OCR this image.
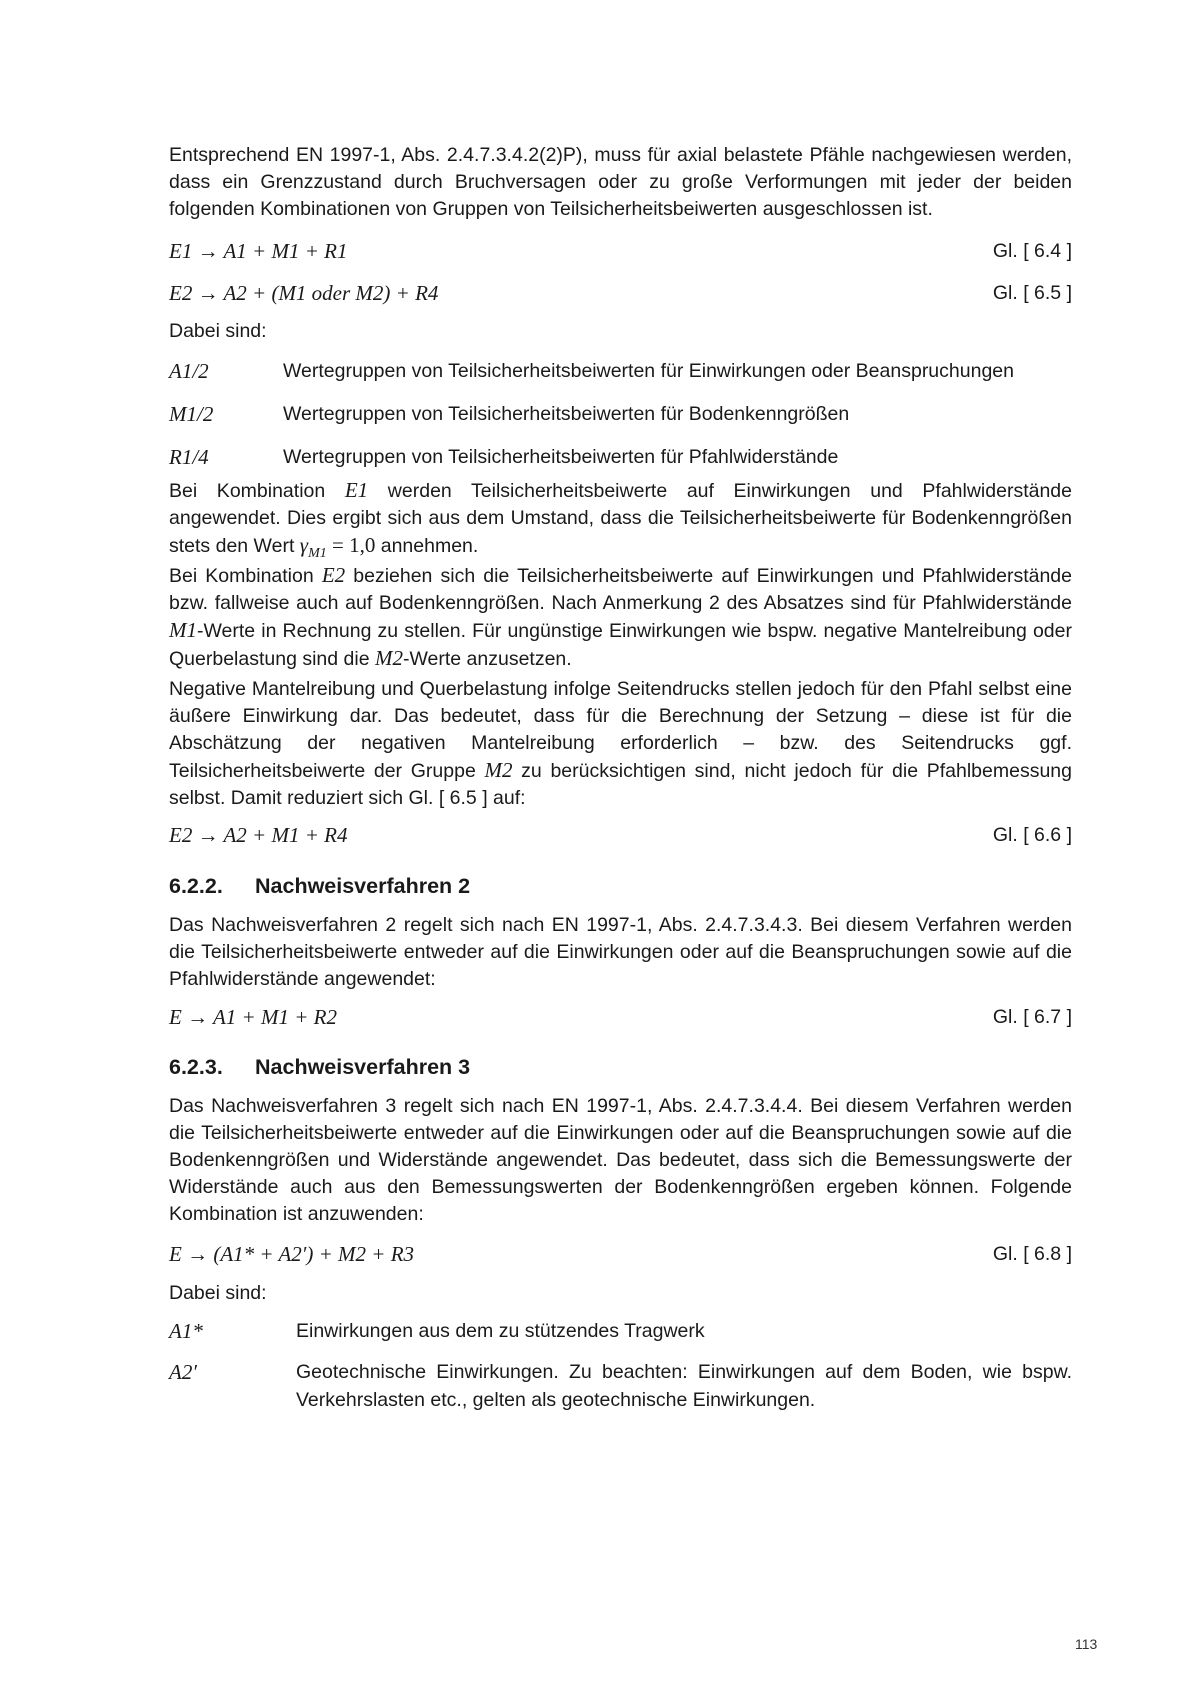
Entsprechend EN 1997-1, Abs. 2.4.7.3.4.2(2)P), muss für axial belastete Pfähle nachgewiesen werden, dass ein Grenzzustand durch Bruchversagen oder zu große Verformungen mit jeder der beiden folgenden Kombinationen von Gruppen von Teilsicherheitsbeiwerten ausgeschlossen ist.
E1 → A1 + M1 + R1	Gl. [ 6.4 ]
E2 → A2 + (M1 oder M2) + R4	Gl. [ 6.5 ]
Dabei sind:
A1/2	Wertegruppen von Teilsicherheitsbeiwerten für Einwirkungen oder Beanspruchungen
M1/2	Wertegruppen von Teilsicherheitsbeiwerten für Bodenkenngrößen
R1/4	Wertegruppen von Teilsicherheitsbeiwerten für Pfahlwiderstände
Bei Kombination E1 werden Teilsicherheitsbeiwerte auf Einwirkungen und Pfahlwiderstände angewendet. Dies ergibt sich aus dem Umstand, dass die Teilsicherheitsbeiwerte für Bodenkenngrößen stets den Wert $\gamma_{M1} = 1,0$ annehmen.
Bei Kombination E2 beziehen sich die Teilsicherheitsbeiwerte auf Einwirkungen und Pfahlwiderstände bzw. fallweise auch auf Bodenkenngrößen. Nach Anmerkung 2 des Absatzes sind für Pfahlwiderstände M1-Werte in Rechnung zu stellen. Für ungünstige Einwirkungen wie bspw. negative Mantelreibung oder Querbelastung sind die M2-Werte anzusetzen.
Negative Mantelreibung und Querbelastung infolge Seitendrucks stellen jedoch für den Pfahl selbst eine äußere Einwirkung dar. Das bedeutet, dass für die Berechnung der Setzung – diese ist für die Abschätzung der negativen Mantelreibung erforderlich – bzw. des Seitendrucks ggf. Teilsicherheitsbeiwerte der Gruppe M2 zu berücksichtigen sind, nicht jedoch für die Pfahlbemessung selbst. Damit reduziert sich Gl. [ 6.5 ] auf:
E2 → A2 + M1 + R4	Gl. [ 6.6 ]
6.2.2. Nachweisverfahren 2
Das Nachweisverfahren 2 regelt sich nach EN 1997-1, Abs. 2.4.7.3.4.3. Bei diesem Verfahren werden die Teilsicherheitsbeiwerte entweder auf die Einwirkungen oder auf die Beanspruchungen sowie auf die Pfahlwiderstände angewendet:
E → A1 + M1 + R2	Gl. [ 6.7 ]
6.2.3. Nachweisverfahren 3
Das Nachweisverfahren 3 regelt sich nach EN 1997-1, Abs. 2.4.7.3.4.4. Bei diesem Verfahren werden die Teilsicherheitsbeiwerte entweder auf die Einwirkungen oder auf die Beanspruchungen sowie auf die Bodenkenngrößen und Widerstände angewendet. Das bedeutet, dass sich die Bemessungswerte der Widerstände auch aus den Bemessungswerten der Bodenkenngrößen ergeben können. Folgende Kombination ist anzuwenden:
E → (A1* + A2′) + M2 + R3	Gl. [ 6.8 ]
Dabei sind:
A1*	Einwirkungen aus dem zu stützendes Tragwerk
A2′	Geotechnische Einwirkungen. Zu beachten: Einwirkungen auf dem Boden, wie bspw. Verkehrslasten etc., gelten als geotechnische Einwirkungen.
113
